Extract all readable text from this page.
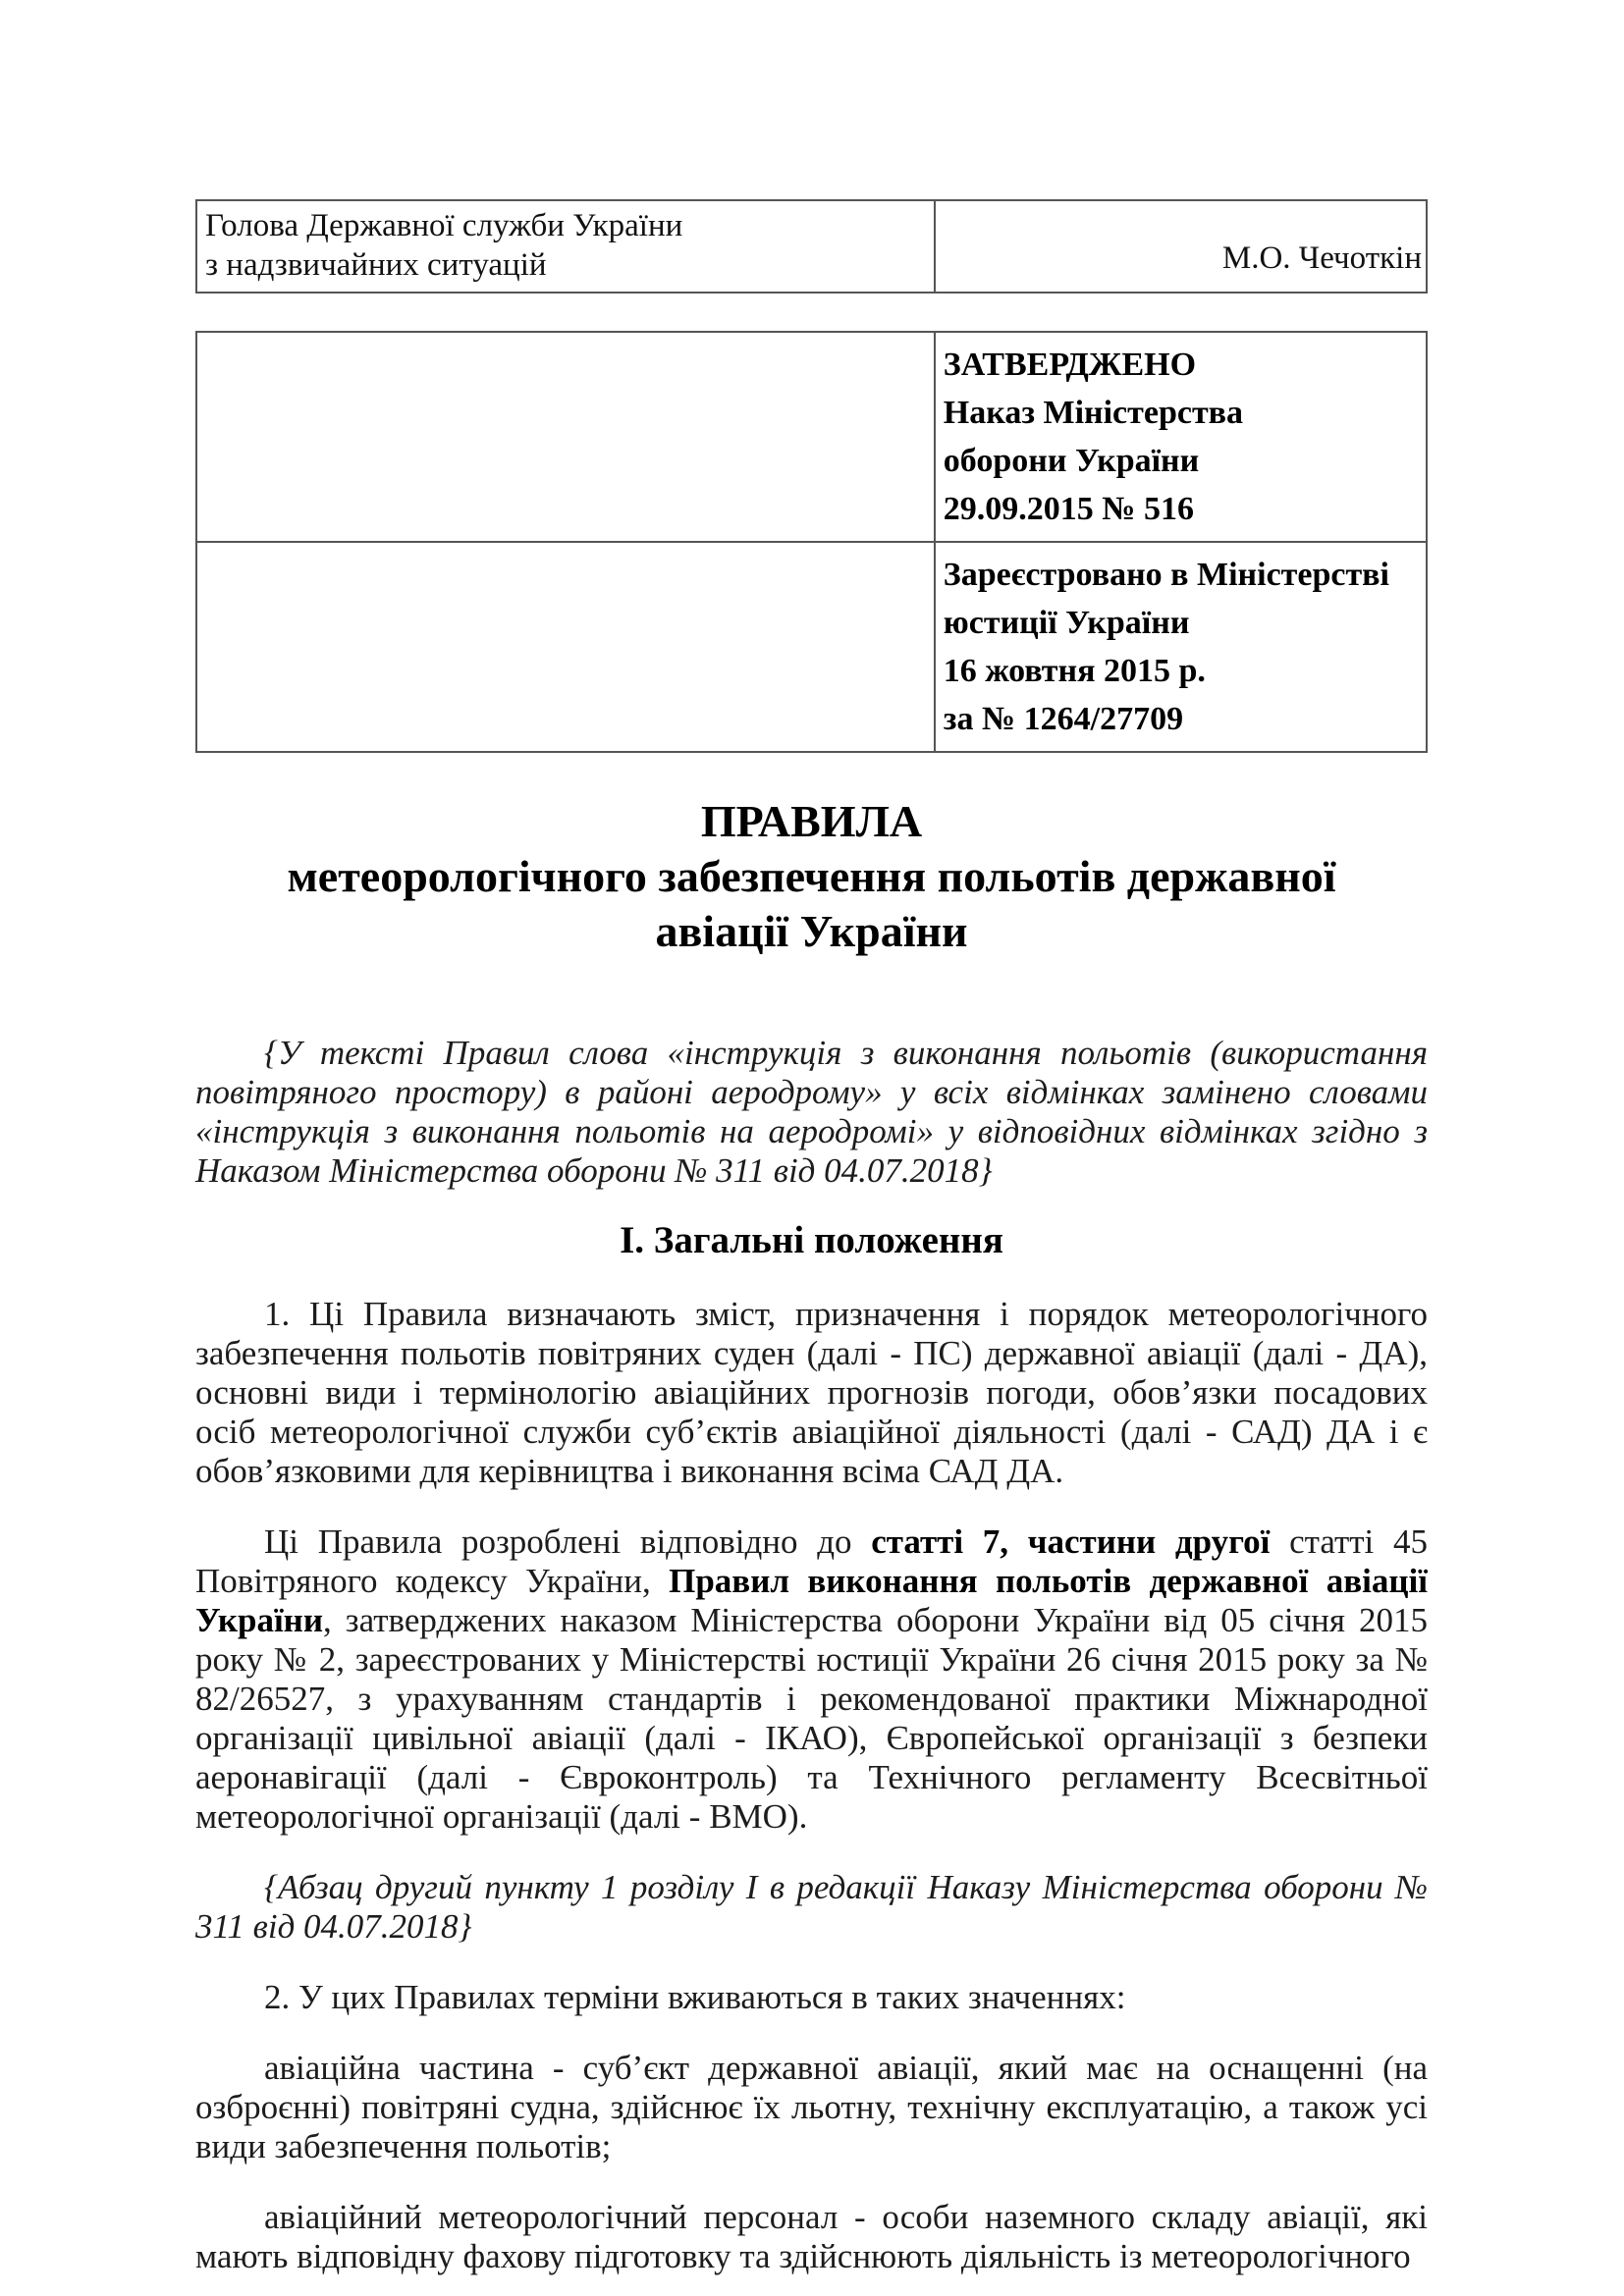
Голова Державної служби України
з надзвичайних ситуацій	М.О. Чечоткін

	ЗАТВЕРДЖЕНО
Наказ Міністерства
оборони України
29.09.2015 № 516

	Зареєстровано в Міністерстві
юстиції України
16 жовтня 2015 р.
за № 1264/27709
ПРАВИЛА
метеорологічного забезпечення польотів державної
авіації України

{У тексті Правил слова «інструкція з виконання польотів (використання повітряного простору) в районі аеродрому» у всіх відмінках замінено словами «інструкція з виконання польотів на аеродромі» у відповідних відмінках згідно з Наказом Міністерства оборони № 311 від 04.07.2018}

І. Загальні положення

1. Ці Правила визначають зміст, призначення і порядок метеорологічного забезпечення польотів повітряних суден (далі - ПС) державної авіації (далі - ДА), основні види і термінологію авіаційних прогнозів погоди, обов’язки посадових осіб метеорологічної служби суб’єктів авіаційної діяльності (далі - САД) ДА і є обов’язковими для керівництва і виконання всіма САД ДА.

Ці Правила розроблені відповідно до статті 7, частини другої статті 45 Повітряного кодексу України, Правил виконання польотів державної авіації України, затверджених наказом Міністерства оборони України від 05 січня 2015 року № 2, зареєстрованих у Міністерстві юстиції України 26 січня 2015 року за № 82/26527, з урахуванням стандартів і рекомендованої практики Міжнародної організації цивільної авіації (далі - ІКАО), Європейської організації з безпеки аеронавігації (далі - Євроконтроль) та Технічного регламенту Всесвітньої метеорологічної організації (далі - ВМО).

{Абзац другий пункту 1 розділу І в редакції Наказу Міністерства оборони № 311 від 04.07.2018}

2. У цих Правилах терміни вживаються в таких значеннях:

авіаційна частина - суб’єкт державної авіації, який має на оснащенні (на озброєнні) повітряні судна, здійснює їх льотну, технічну експлуатацію, а також усі види забезпечення польотів;

авіаційний метеорологічний персонал - особи наземного складу авіації, які мають відповідну фахову підготовку та здійснюють діяльність із метеорологічного
